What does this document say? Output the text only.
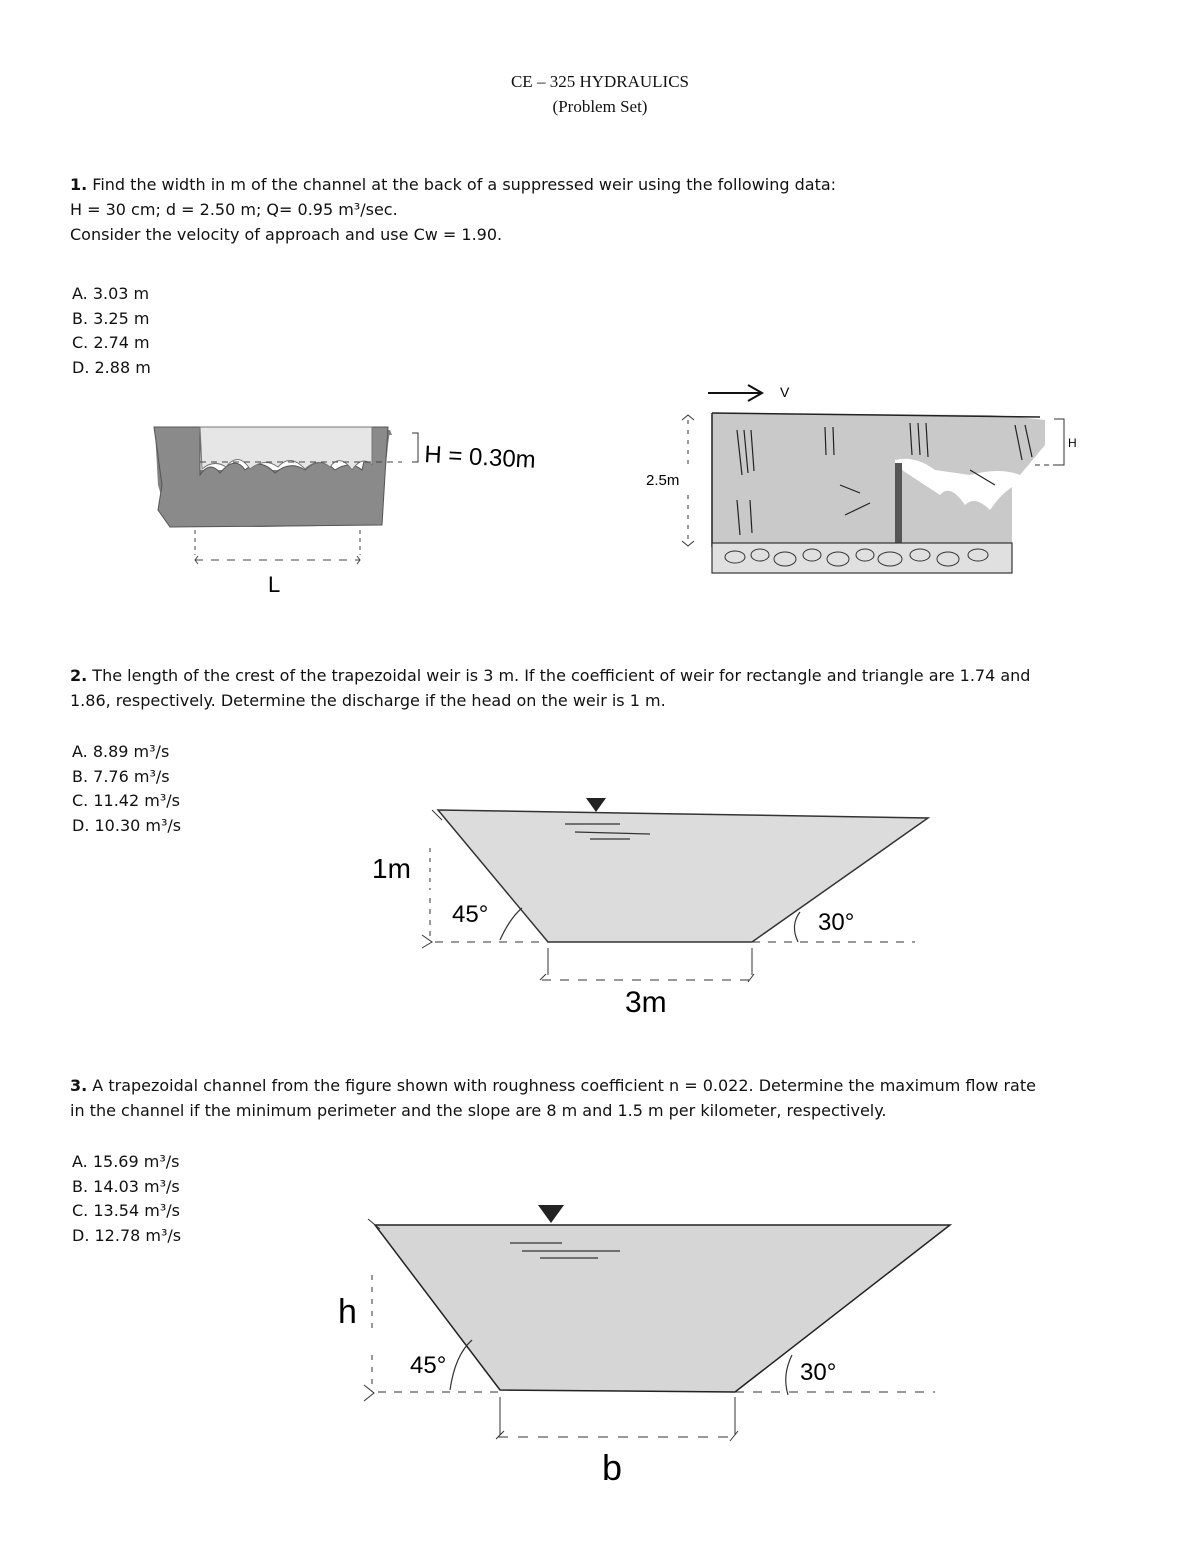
CE – 325 HYDRAULICS
(Problem Set)
1. Find the width in m of the channel at the back of a suppressed weir using the following data:
H = 30 cm; d = 2.50 m; Q= 0.95 m³/sec.
Consider the velocity of approach and use Cw = 1.90.
A. 3.03 m
B. 3.25 m
C. 2.74 m
D. 2.88 m
L
H = 0.30m
V
2.5m
H
2. The length of the crest of the trapezoidal weir is 3 m. If the coefficient of weir for rectangle and triangle are 1.74 and
1.86, respectively. Determine the discharge if the head on the weir is 1 m.
A. 8.89 m³/s
B. 7.76 m³/s
C. 11.42 m³/s
D. 10.30 m³/s
1m
45°	30°
3m
3. A trapezoidal channel from the figure shown with roughness coefficient n = 0.022. Determine the maximum flow rate
in the channel if the minimum perimeter and the slope are 8 m and 1.5 m per kilometer, respectively.
A. 15.69 m³/s
B. 14.03 m³/s
C. 13.54 m³/s
D. 12.78 m³/s
h
45°	30°
b
